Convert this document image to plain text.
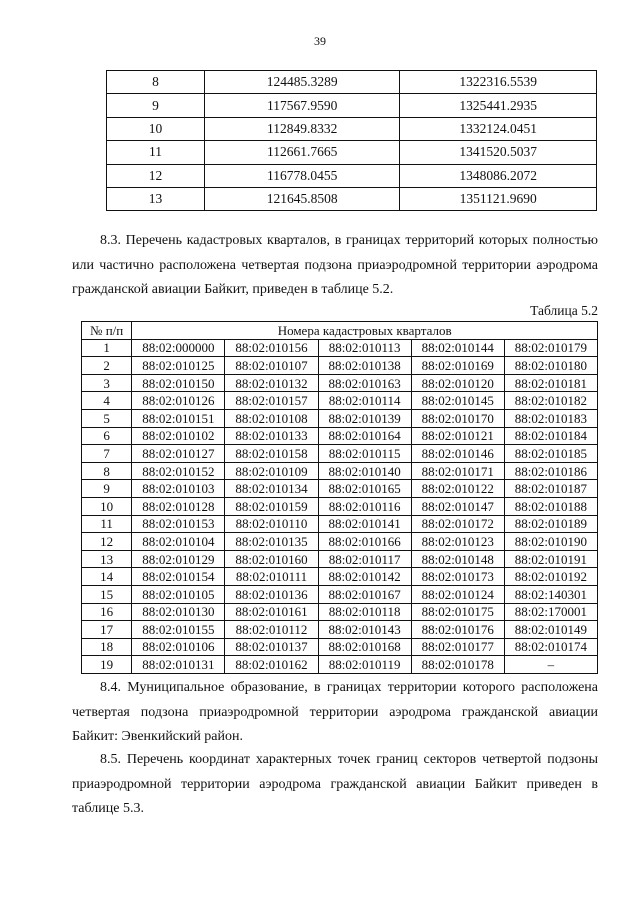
39
8	124485.3289	1322316.5539
9	117567.9590	1325441.2935
10	112849.8332	1332124.0451
11	112661.7665	1341520.5037
12	116778.0455	1348086.2072
13	121645.8508	1351121.9690

8.3. Перечень кадастровых кварталов, в границах территорий которых полностью или частично расположена четвертая подзона приаэродромной территории аэродрома гражданской авиации Байкит, приведен в таблице 5.2.

Таблица 5.2
№ п/п	Номера кадастровых кварталов				
1	88:02:000000	88:02:010156	88:02:010113	88:02:010144	88:02:010179
2	88:02:010125	88:02:010107	88:02:010138	88:02:010169	88:02:010180
3	88:02:010150	88:02:010132	88:02:010163	88:02:010120	88:02:010181
4	88:02:010126	88:02:010157	88:02:010114	88:02:010145	88:02:010182
5	88:02:010151	88:02:010108	88:02:010139	88:02:010170	88:02:010183
6	88:02:010102	88:02:010133	88:02:010164	88:02:010121	88:02:010184
7	88:02:010127	88:02:010158	88:02:010115	88:02:010146	88:02:010185
8	88:02:010152	88:02:010109	88:02:010140	88:02:010171	88:02:010186
9	88:02:010103	88:02:010134	88:02:010165	88:02:010122	88:02:010187
10	88:02:010128	88:02:010159	88:02:010116	88:02:010147	88:02:010188
11	88:02:010153	88:02:010110	88:02:010141	88:02:010172	88:02:010189
12	88:02:010104	88:02:010135	88:02:010166	88:02:010123	88:02:010190
13	88:02:010129	88:02:010160	88:02:010117	88:02:010148	88:02:010191
14	88:02:010154	88:02:010111	88:02:010142	88:02:010173	88:02:010192
15	88:02:010105	88:02:010136	88:02:010167	88:02:010124	88:02:140301
16	88:02:010130	88:02:010161	88:02:010118	88:02:010175	88:02:170001
17	88:02:010155	88:02:010112	88:02:010143	88:02:010176	88:02:010149
18	88:02:010106	88:02:010137	88:02:010168	88:02:010177	88:02:010174
19	88:02:010131	88:02:010162	88:02:010119	88:02:010178	–

8.4. Муниципальное образование, в границах территории которого расположена четвертая подзона приаэродромной территории аэродрома гражданской авиации Байкит: Эвенкийский район.

8.5. Перечень координат характерных точек границ секторов четвертой подзоны приаэродромной территории аэродрома гражданской авиации Байкит приведен в таблице 5.3.
